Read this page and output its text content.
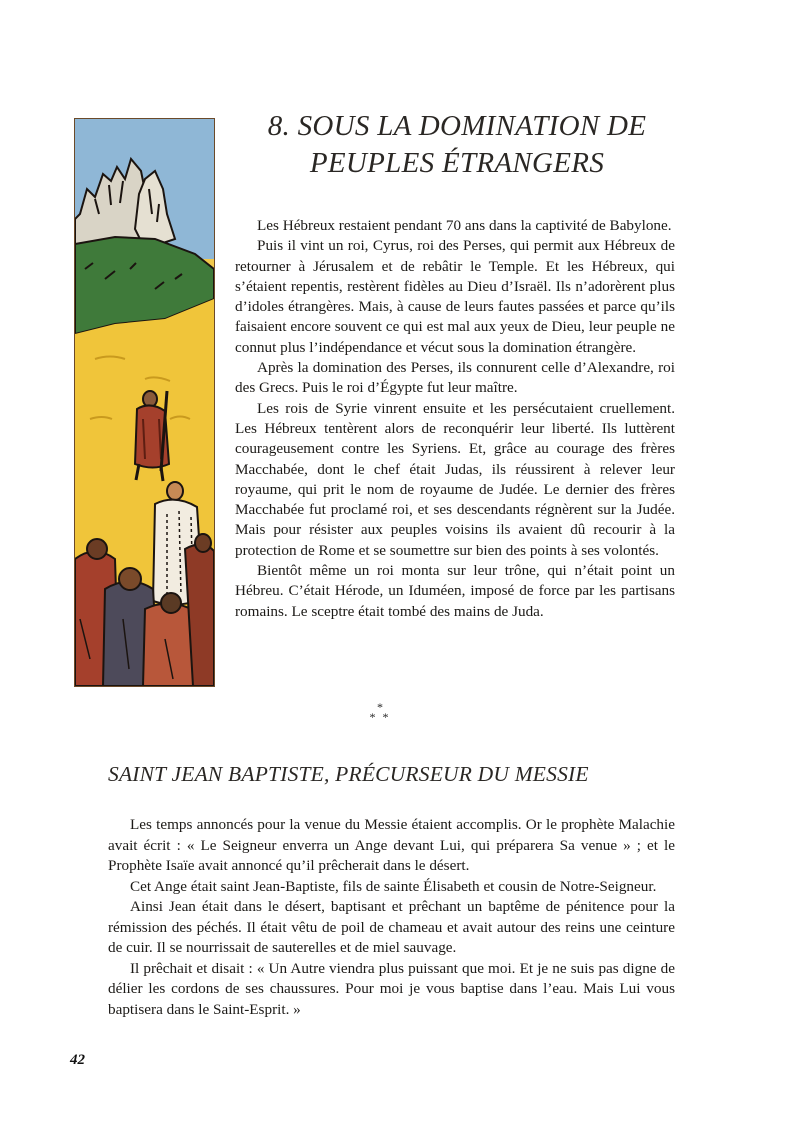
8. SOUS LA DOMINATION DE
PEUPLES ÉTRANGERS

Les Hébreux restaient pendant 70 ans dans la captivité de Babylone.

Puis il vint un roi, Cyrus, roi des Perses, qui permit aux Hébreux de retourner à Jérusalem et de rebâtir le Temple. Et les Hébreux, qui s’étaient repentis, restèrent fidèles au Dieu d’Israël. Ils n’adorèrent plus d’idoles étrangères. Mais, à cause de leurs fautes passées et parce qu’ils faisaient encore souvent ce qui est mal aux yeux de Dieu, leur peuple ne connut plus l’indépendance et vécut sous la domination étrangère.

Après la domination des Perses, ils connurent celle d’Alexandre, roi des Grecs. Puis le roi d’Égypte fut leur maître.

Les rois de Syrie vinrent ensuite et les persécutaient cruellement. Les Hébreux tentèrent alors de reconquérir leur liberté. Ils luttèrent courageusement contre les Syriens. Et, grâce au courage des frères Macchabée, dont le chef était Judas, ils réussirent à relever leur royaume, qui prit le nom de royaume de Judée. Le dernier des frères Macchabée fut proclamé roi, et ses descendants régnèrent sur la Judée. Mais pour résister aux peuples voisins ils avaient dû recourir à la protection de Rome et se soumettre sur bien des points à ses volontés.

Bientôt même un roi monta sur leur trône, qui n’était point un Hébreu. C’était Hérode, un Iduméen, imposé de force par les partisans romains. Le sceptre était tombé des mains de Juda.

*
* *
SAINT JEAN BAPTISTE, PRÉCURSEUR DU MESSIE

Les temps annoncés pour la venue du Messie étaient accomplis. Or le prophète Malachie avait écrit : « Le Seigneur enverra un Ange devant Lui, qui préparera Sa venue » ; et le Prophète Isaïe avait annoncé qu’il prêcherait dans le désert.

Cet Ange était saint Jean-Baptiste, fils de sainte Élisabeth et cousin de Notre-Seigneur.

Ainsi Jean était dans le désert, baptisant et prêchant un baptême de pénitence pour la rémission des péchés. Il était vêtu de poil de chameau et avait autour des reins une ceinture de cuir. Il se nourrissait de sauterelles et de miel sauvage.

Il prêchait et disait : « Un Autre viendra plus puissant que moi. Et je ne suis pas digne de délier les cordons de ses chaussures. Pour moi je vous baptise dans l’eau. Mais Lui vous baptisera dans le Saint-Esprit. »

42
